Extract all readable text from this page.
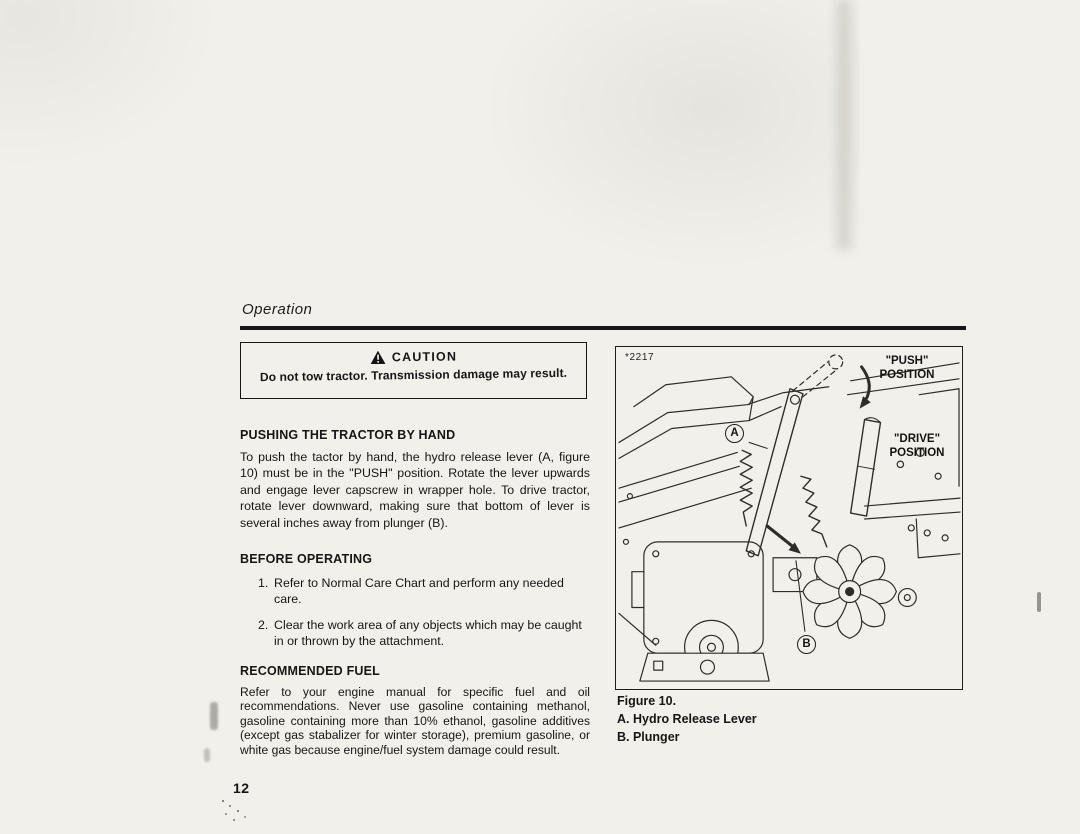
Operation
CAUTION
Do not tow tractor. Transmission damage may result.
PUSHING THE TRACTOR BY HAND

To push the tactor by hand, the hydro release lever (A, figure 10) must be in the "PUSH" position. Rotate the lever upwards and engage lever capscrew in wrapper hole. To drive tractor, rotate lever downward, making sure that bottom of lever is several inches away from plunger (B).

BEFORE OPERATING
1. Refer to Normal Care Chart and perform any needed care.
2. Clear the work area of any objects which may be caught in or thrown by the attachment.
RECOMMENDED FUEL

Refer to your engine manual for specific fuel and oil recommendations. Never use gasoline containing methanol, gasoline containing more than 10% ethanol, gasoline additives (except gas stabalizer for winter storage), premium gasoline, or white gas because engine/fuel system damage could result.

12
*2217	"PUSH"
POSITION
"DRIVE"
POSITION
A
B
Figure 10.
A. Hydro Release Lever
B. Plunger
